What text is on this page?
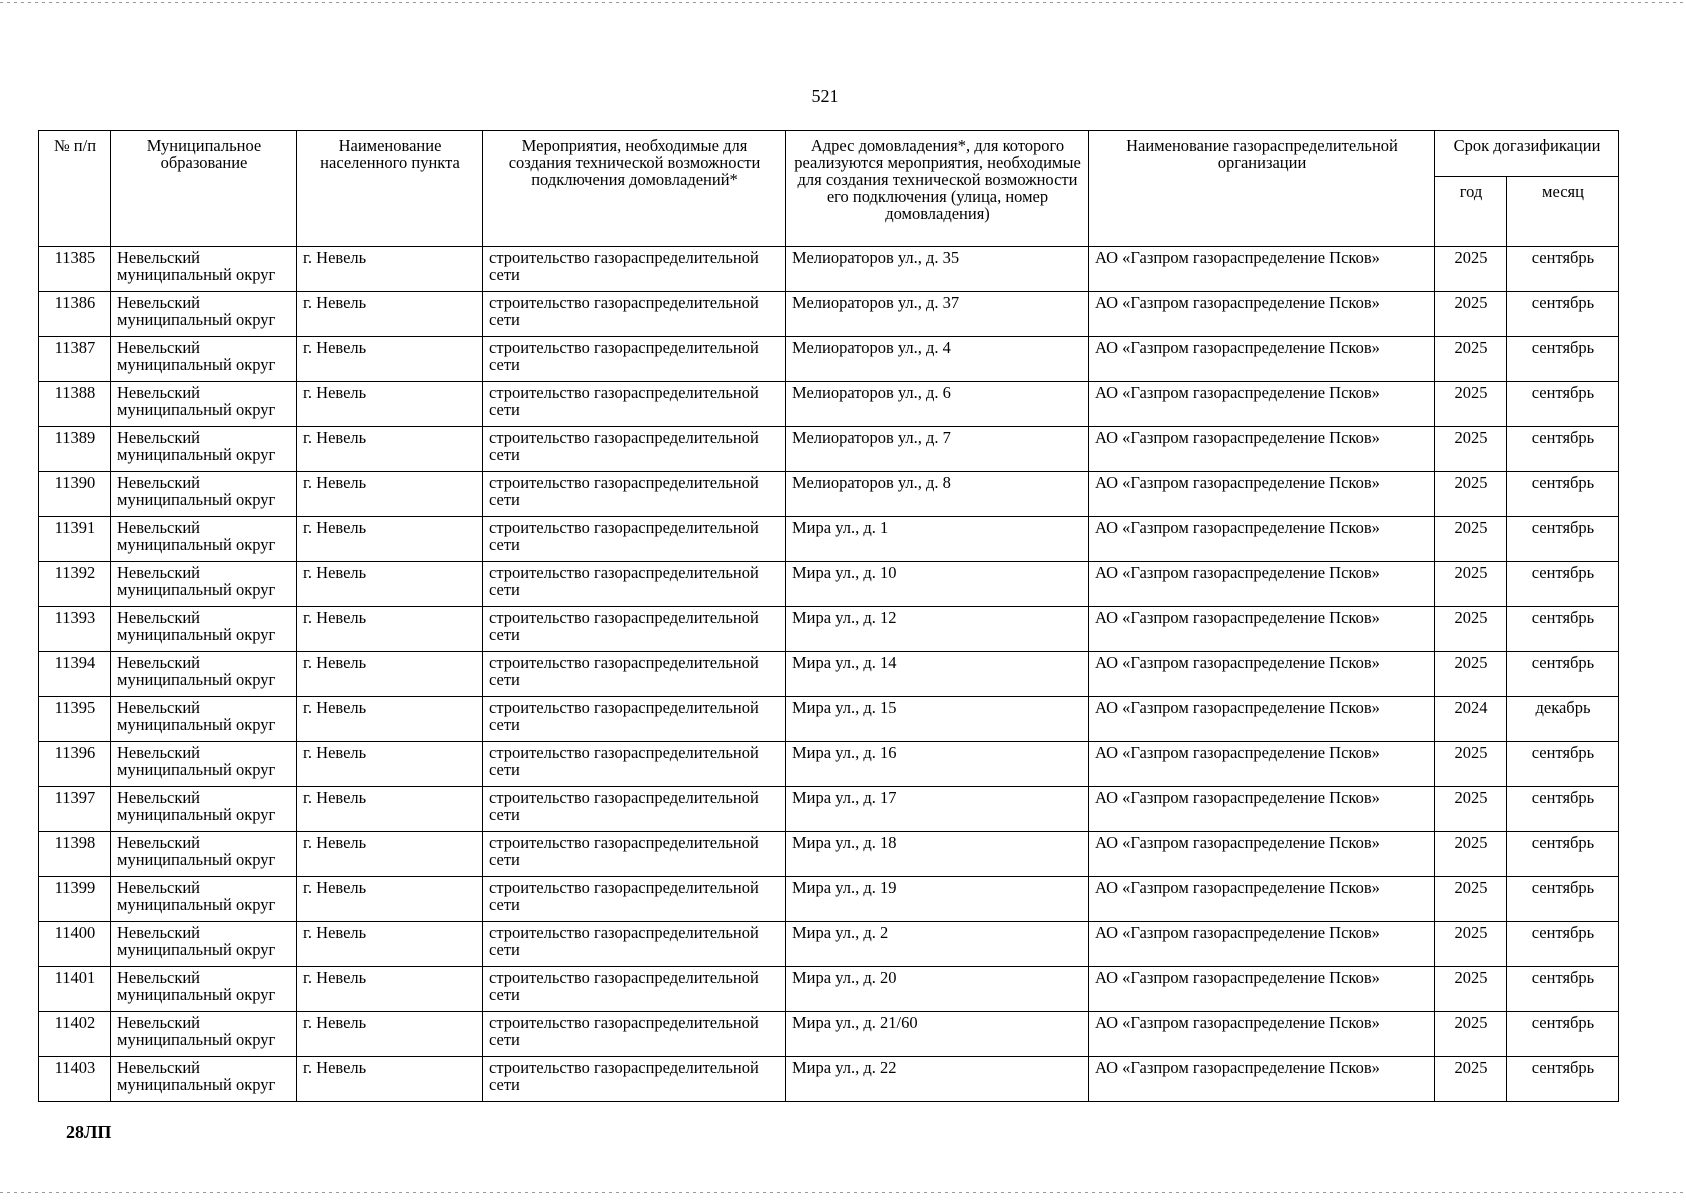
521
№ п/п	Муниципальное образование	Наименование населенного пункта	Мероприятия, необходимые для создания технической возможности подключения домовладений*	Адрес домовладения*, для которого реализуются мероприятия, необходимые для создания технической возможности его подключения (улица, номер домовладения)	Наименование газораспределительной организации	Срок догазификации	
						год	месяц
11385	Невельский муниципальный округ	г. Невель	строительство газораспределительной сети	Мелиораторов ул., д. 35	АО «Газпром газораспределение Псков»	2025	сентябрь
11386	Невельский муниципальный округ	г. Невель	строительство газораспределительной сети	Мелиораторов ул., д. 37	АО «Газпром газораспределение Псков»	2025	сентябрь
11387	Невельский муниципальный округ	г. Невель	строительство газораспределительной сети	Мелиораторов ул., д. 4	АО «Газпром газораспределение Псков»	2025	сентябрь
11388	Невельский муниципальный округ	г. Невель	строительство газораспределительной сети	Мелиораторов ул., д. 6	АО «Газпром газораспределение Псков»	2025	сентябрь
11389	Невельский муниципальный округ	г. Невель	строительство газораспределительной сети	Мелиораторов ул., д. 7	АО «Газпром газораспределение Псков»	2025	сентябрь
11390	Невельский муниципальный округ	г. Невель	строительство газораспределительной сети	Мелиораторов ул., д. 8	АО «Газпром газораспределение Псков»	2025	сентябрь
11391	Невельский муниципальный округ	г. Невель	строительство газораспределительной сети	Мира ул., д. 1	АО «Газпром газораспределение Псков»	2025	сентябрь
11392	Невельский муниципальный округ	г. Невель	строительство газораспределительной сети	Мира ул., д. 10	АО «Газпром газораспределение Псков»	2025	сентябрь
11393	Невельский муниципальный округ	г. Невель	строительство газораспределительной сети	Мира ул., д. 12	АО «Газпром газораспределение Псков»	2025	сентябрь
11394	Невельский муниципальный округ	г. Невель	строительство газораспределительной сети	Мира ул., д. 14	АО «Газпром газораспределение Псков»	2025	сентябрь
11395	Невельский муниципальный округ	г. Невель	строительство газораспределительной сети	Мира ул., д. 15	АО «Газпром газораспределение Псков»	2024	декабрь
11396	Невельский муниципальный округ	г. Невель	строительство газораспределительной сети	Мира ул., д. 16	АО «Газпром газораспределение Псков»	2025	сентябрь
11397	Невельский муниципальный округ	г. Невель	строительство газораспределительной сети	Мира ул., д. 17	АО «Газпром газораспределение Псков»	2025	сентябрь
11398	Невельский муниципальный округ	г. Невель	строительство газораспределительной сети	Мира ул., д. 18	АО «Газпром газораспределение Псков»	2025	сентябрь
11399	Невельский муниципальный округ	г. Невель	строительство газораспределительной сети	Мира ул., д. 19	АО «Газпром газораспределение Псков»	2025	сентябрь
11400	Невельский муниципальный округ	г. Невель	строительство газораспределительной сети	Мира ул., д. 2	АО «Газпром газораспределение Псков»	2025	сентябрь
11401	Невельский муниципальный округ	г. Невель	строительство газораспределительной сети	Мира ул., д. 20	АО «Газпром газораспределение Псков»	2025	сентябрь
11402	Невельский муниципальный округ	г. Невель	строительство газораспределительной сети	Мира ул., д. 21/60	АО «Газпром газораспределение Псков»	2025	сентябрь
11403	Невельский муниципальный округ	г. Невель	строительство газораспределительной сети	Мира ул., д. 22	АО «Газпром газораспределение Псков»	2025	сентябрь
28ЛП
